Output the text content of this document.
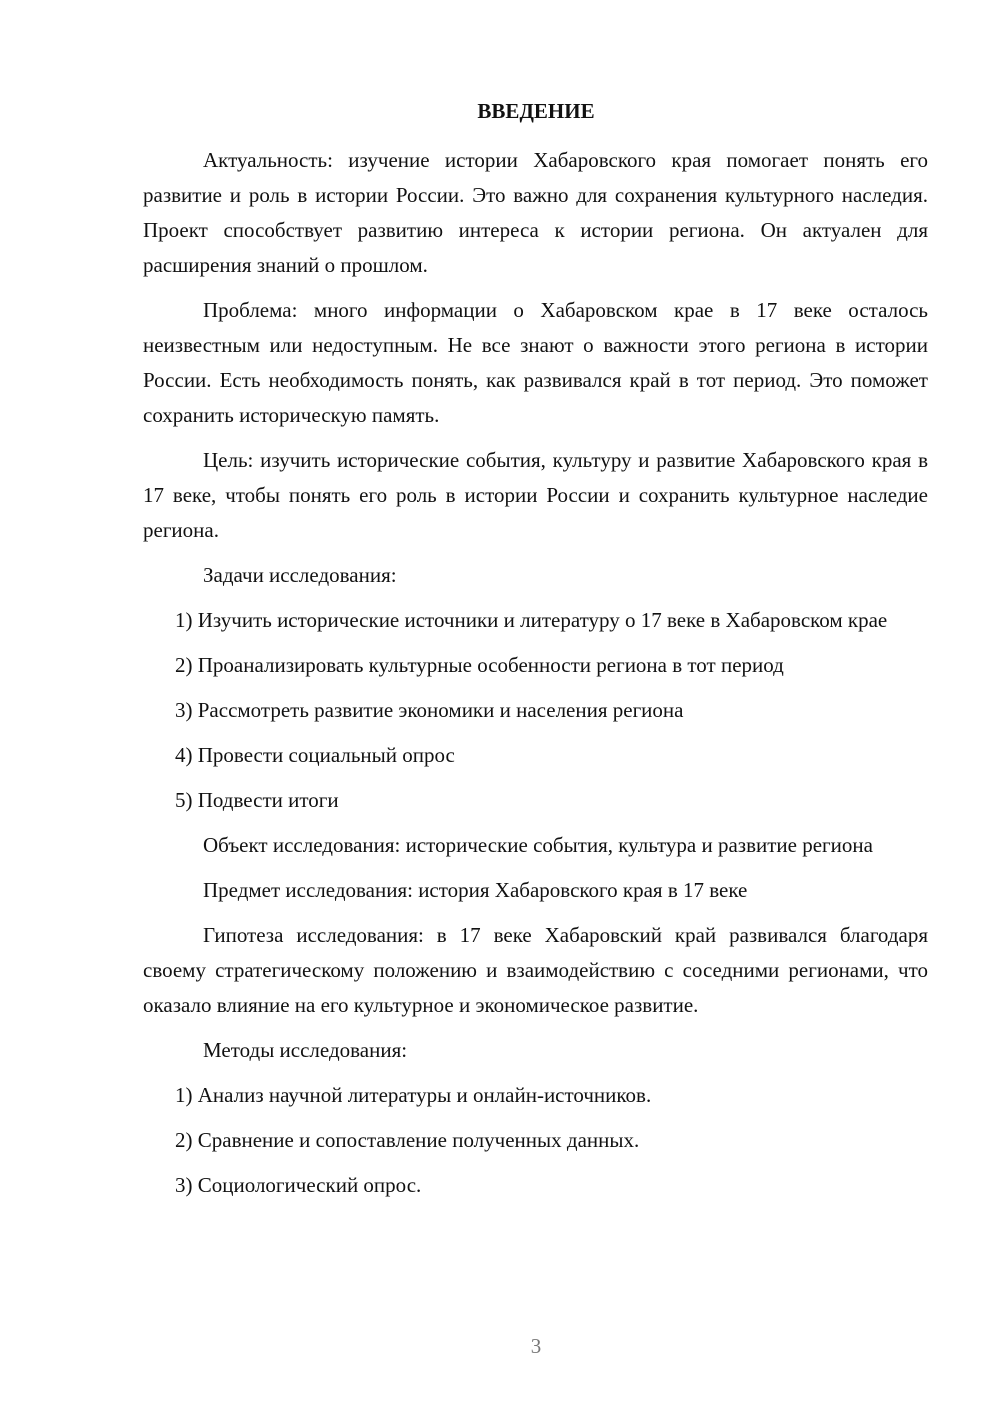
ВВЕДЕНИЕ

Актуальность: изучение истории Хабаровского края помогает понять его развитие и роль в истории России. Это важно для сохранения культурного наследия. Проект способствует развитию интереса к истории региона. Он актуален для расширения знаний о прошлом.

Проблема: много информации о Хабаровском крае в 17 веке осталось неизвестным или недоступным. Не все знают о важности этого региона в истории России. Есть необходимость понять, как развивался край в тот период. Это поможет сохранить историческую память.

Цель: изучить исторические события, культуру и развитие Хабаровского края в 17 веке, чтобы понять его роль в истории России и сохранить культурное наследие региона.

Задачи исследования:

1) Изучить исторические источники и литературу о 17 веке в Хабаровском крае

2) Проанализировать культурные особенности региона в тот период

3) Рассмотреть развитие экономики и населения региона

4) Провести социальный опрос

5) Подвести итоги

Объект исследования: исторические события, культура и развитие региона

Предмет исследования: история Хабаровского края в 17 веке

Гипотеза исследования: в 17 веке Хабаровский край развивался благодаря своему стратегическому положению и взаимодействию с соседними регионами, что оказало влияние на его культурное и экономическое развитие.

Методы исследования:

1) Анализ научной литературы и онлайн-источников.

2) Сравнение и сопоставление полученных данных.

3) Социологический опрос.

3
